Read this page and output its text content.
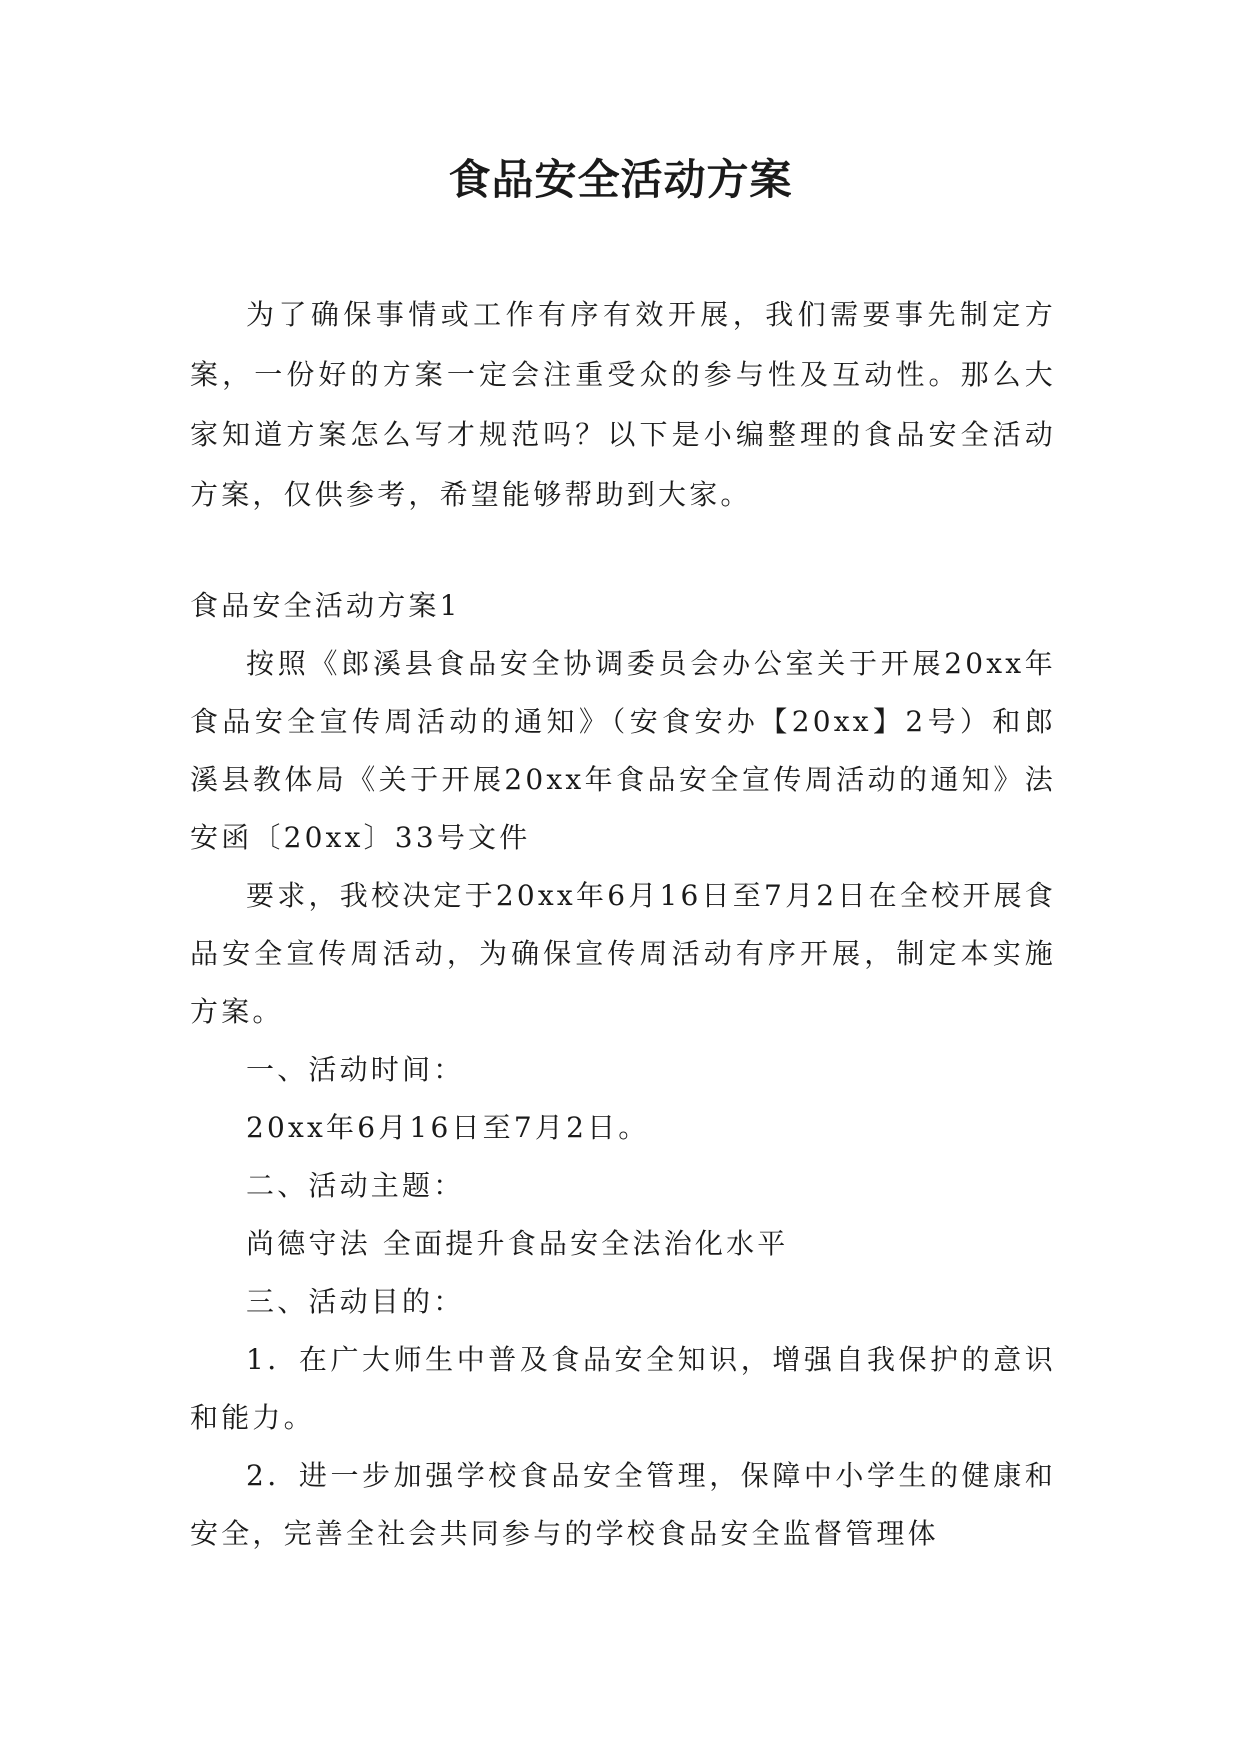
食品安全活动方案

为了确保事情或工作有序有效开展，我们需要事先制定方案，一份好的方案一定会注重受众的参与性及互动性。那么大家知道方案怎么写才规范吗？以下是小编整理的食品安全活动方案，仅供参考，希望能够帮助到大家。

食品安全活动方案1

按照《郎溪县食品安全协调委员会办公室关于开展20xx年食品安全宣传周活动的通知》（安食安办【20xx】2号）和郎溪县教体局《关于开展20xx年食品安全宣传周活动的通知》法安函〔20xx〕33号文件

要求，我校决定于20xx年6月16日至7月2日在全校开展食品安全宣传周活动，为确保宣传周活动有序开展，制定本实施方案。

一、活动时间：

20xx年6月16日至7月2日。

二、活动主题：

尚德守法 全面提升食品安全法治化水平

三、活动目的：

1．在广大师生中普及食品安全知识，增强自我保护的意识和能力。

2．进一步加强学校食品安全管理，保障中小学生的健康和安全，完善全社会共同参与的学校食品安全监督管理体
